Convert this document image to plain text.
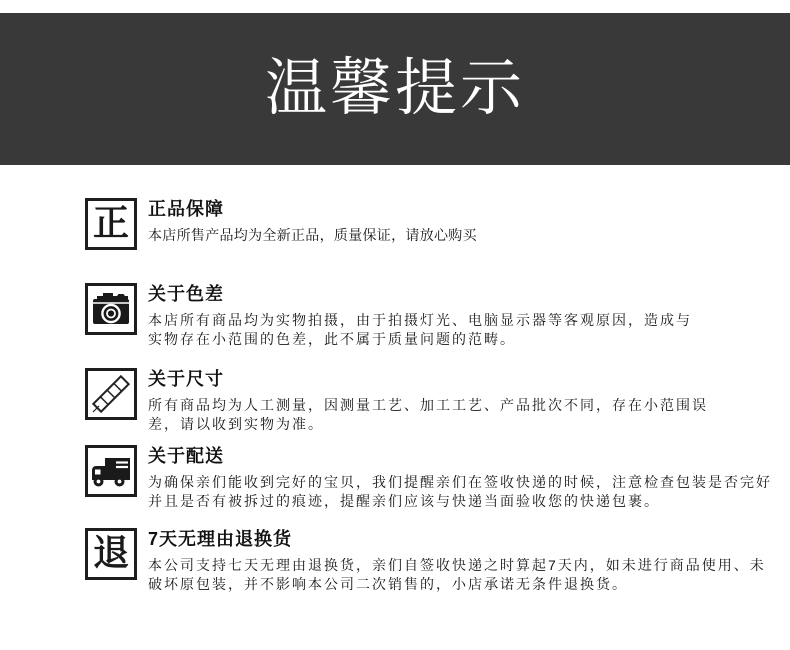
温馨提示
正 正品保障
本店所售产品均为全新正品，质量保证，请放心购买
关于色差
本店所有商品均为实物拍摄，由于拍摄灯光、电脑显示器等客观原因，造成与
实物存在小范围的色差，此不属于质量问题的范畴。
关于尺寸
所有商品均为人工测量，因测量工艺、加工工艺、产品批次不同，存在小范围误
差，请以收到实物为准。
关于配送
为确保亲们能收到完好的宝贝，我们提醒亲们在签收快递的时候，注意检查包装是否完好
并且是否有被拆过的痕迹，提醒亲们应该与快递当面验收您的快递包裹。
退 7天无理由退换货
本公司支持七天无理由退换货，亲们自签收快递之时算起7天内，如未进行商品使用、未
破坏原包装，并不影响本公司二次销售的，小店承诺无条件退换货。
